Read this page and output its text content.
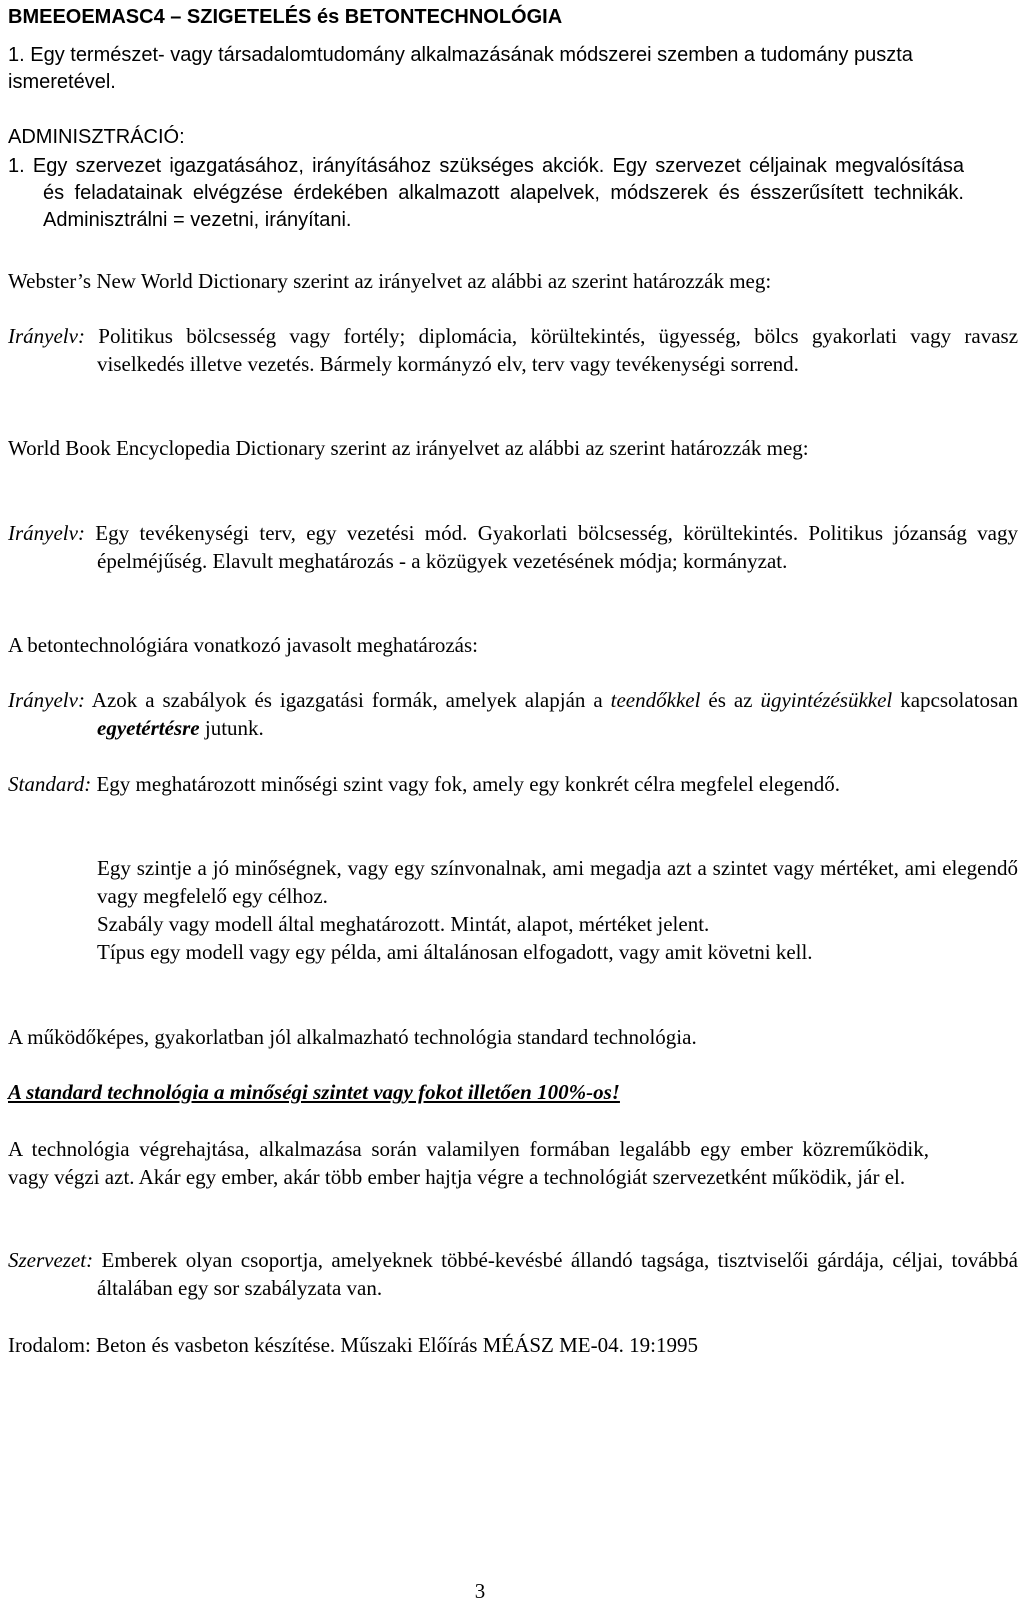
BMEEOEMASC4 – SZIGETELÉS és BETONTECHNOLÓGIA

1. Egy természet- vagy társadalomtudomány alkalmazásának módszerei szemben a tudomány puszta ismeretével.

ADMINISZTRÁCIÓ:

1. Egy szervezet igazgatásához, irányításához szükséges akciók. Egy szervezet céljainak megvalósítása és feladatainak elvégzése érdekében alkalmazott alapelvek, módszerek és ésszerűsített technikák. Adminisztrálni = vezetni, irányítani.

Webster’s New World Dictionary szerint az irányelvet az alábbi az szerint határozzák meg:

Irányelv: Politikus bölcsesség vagy fortély; diplomácia, körültekintés, ügyesség, bölcs gyakorlati vagy ravasz viselkedés illetve vezetés. Bármely kormányzó elv, terv vagy tevékenységi sorrend.

World Book Encyclopedia Dictionary szerint az irányelvet az alábbi az szerint határozzák meg:

Irányelv: Egy tevékenységi terv, egy vezetési mód. Gyakorlati bölcsesség, körültekintés. Politikus józanság vagy épelméjűség. Elavult meghatározás - a közügyek vezetésének módja; kormányzat.

A betontechnológiára vonatkozó javasolt meghatározás:

Irányelv: Azok a szabályok és igazgatási formák, amelyek alapján a teendőkkel és az ügyintézésükkel kapcsolatosan egyetértésre jutunk.

Standard: Egy meghatározott minőségi szint vagy fok, amely egy konkrét célra megfelel elegendő.

Egy szintje a jó minőségnek, vagy egy színvonalnak, ami megadja azt a szintet vagy mértéket, ami elegendő vagy megfelelő egy célhoz.

Szabály vagy modell által meghatározott. Mintát, alapot, mértéket jelent.

Típus egy modell vagy egy példa, ami általánosan elfogadott, vagy amit követni kell.

A működőképes, gyakorlatban jól alkalmazható technológia standard technológia.

A standard technológia a minőségi szintet vagy fokot illetően 100%-os!

A technológia végrehajtása, alkalmazása során valamilyen formában legalább egy ember közreműködik, vagy végzi azt. Akár egy ember, akár több ember hajtja végre a technológiát szervezetként működik, jár el.

Szervezet: Emberek olyan csoportja, amelyeknek többé-kevésbé állandó tagsága, tisztviselői gárdája, céljai, továbbá általában egy sor szabályzata van.

Irodalom: Beton és vasbeton készítése. Műszaki Előírás MÉÁSZ ME-04. 19:1995

3
